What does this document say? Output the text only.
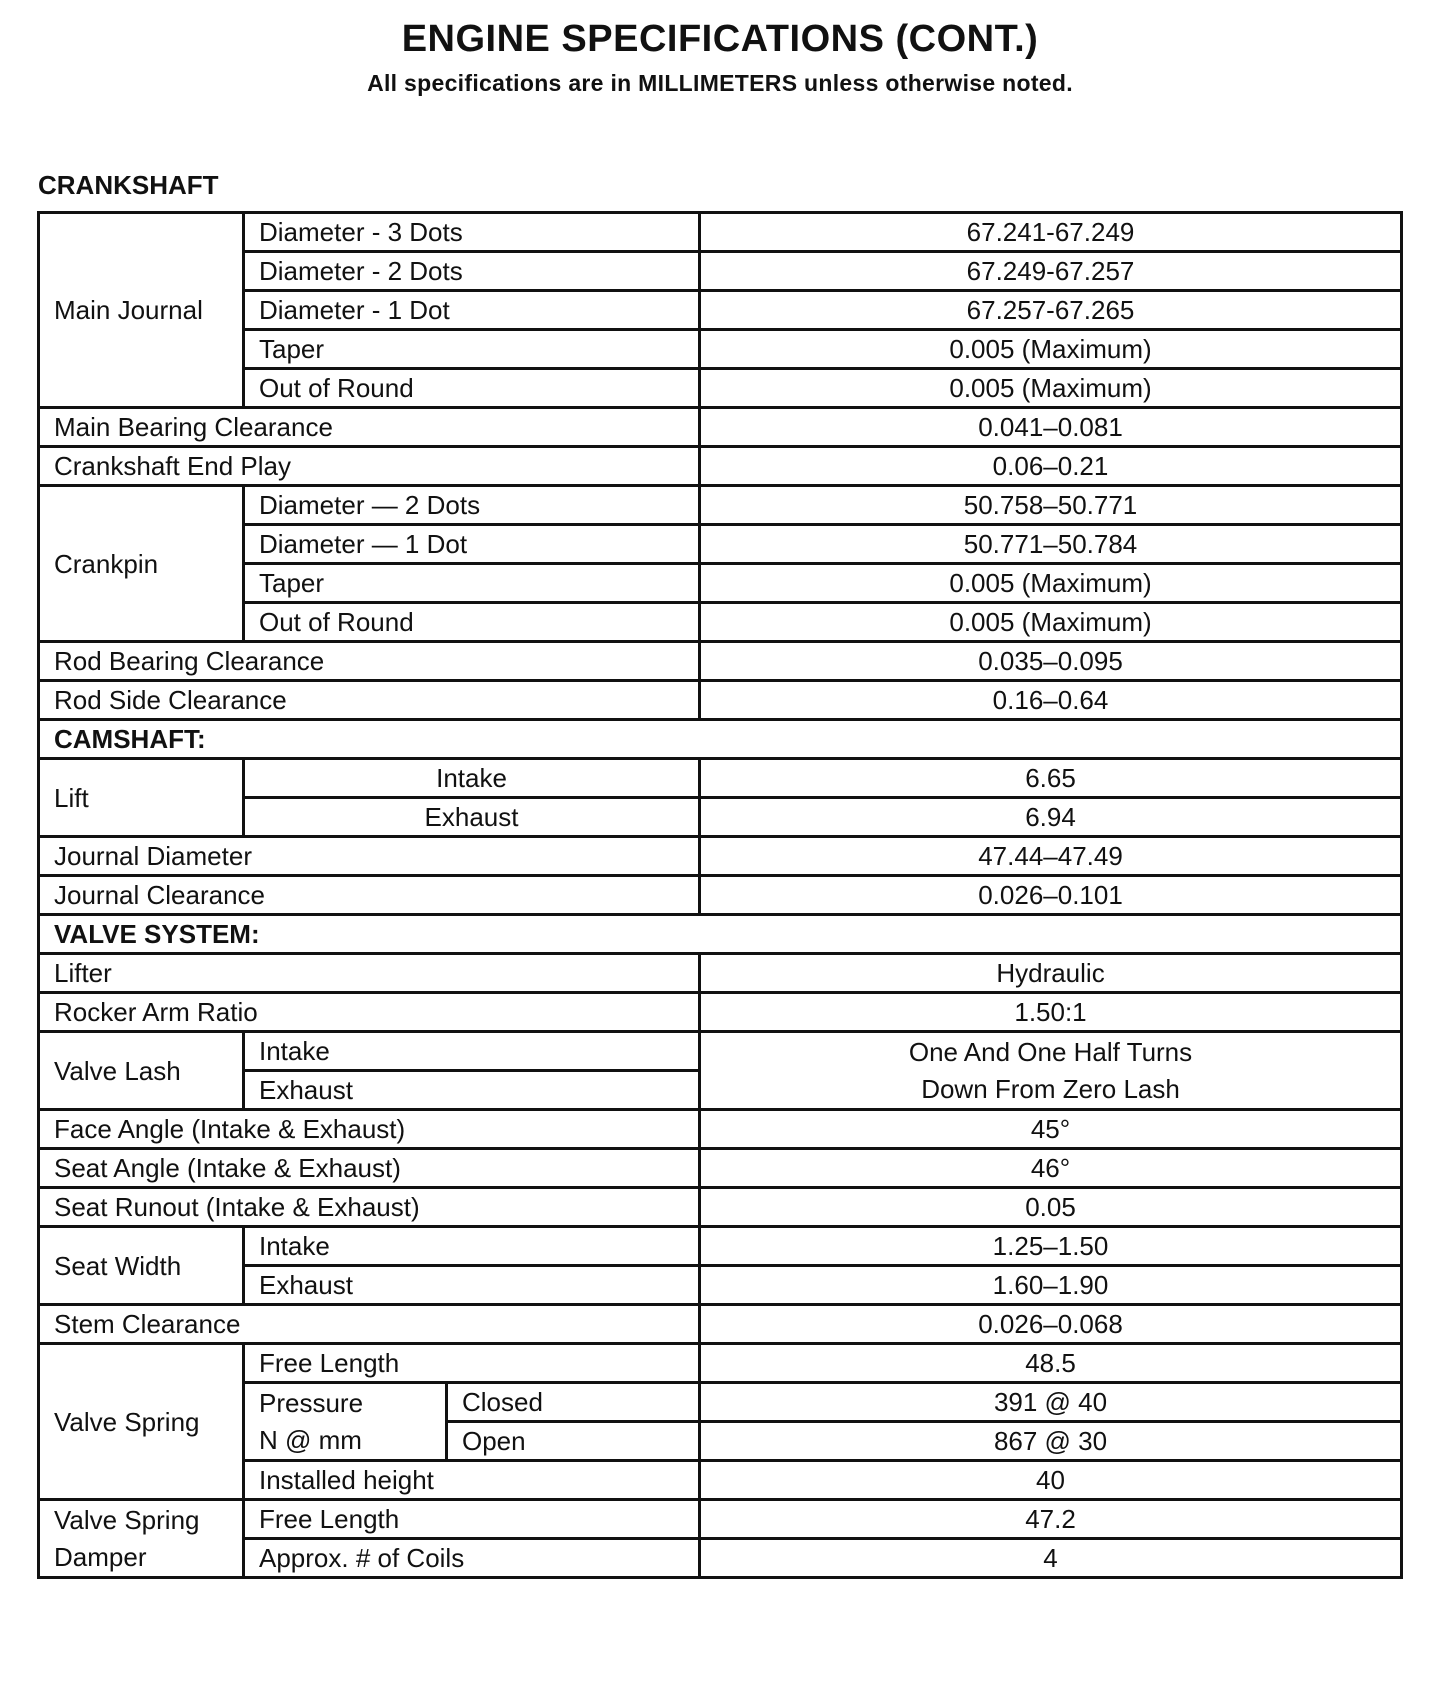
ENGINE SPECIFICATIONS (CONT.)
All specifications are in MILLIMETERS unless otherwise noted.
CRANKSHAFT
Main Journal	Diameter - 3 Dots		67.241-67.249
	Diameter - 2 Dots		67.249-67.257
	Diameter - 1 Dot		67.257-67.265
	Taper		0.005 (Maximum)
	Out of Round		0.005 (Maximum)
Main Bearing Clearance			0.041–0.081
Crankshaft End Play			0.06–0.21
Crankpin	Diameter — 2 Dots		50.758–50.771
	Diameter — 1 Dot		50.771–50.784
	Taper		0.005 (Maximum)
	Out of Round		0.005 (Maximum)
Rod Bearing Clearance			0.035–0.095
Rod Side Clearance			0.16–0.64
CAMSHAFT:			
Lift	Intake		6.65
	Exhaust		6.94
Journal Diameter			47.44–47.49
Journal Clearance			0.026–0.101
VALVE SYSTEM:			
Lifter			Hydraulic
Rocker Arm Ratio			1.50:1
Valve Lash	Intake		One And One Half Turns
	Exhaust		Down From Zero Lash
Face Angle (Intake & Exhaust)			45°
Seat Angle (Intake & Exhaust)			46°
Seat Runout (Intake & Exhaust)			0.05
Seat Width	Intake		1.25–1.50
	Exhaust		1.60–1.90
Stem Clearance			0.026–0.068
Valve Spring	Free Length		48.5
	Pressure	Closed	391 @ 40
	N @ mm	Open	867 @ 30
	Installed height		40
Valve Spring	Free Length		47.2
Damper	Approx. # of Coils		4
